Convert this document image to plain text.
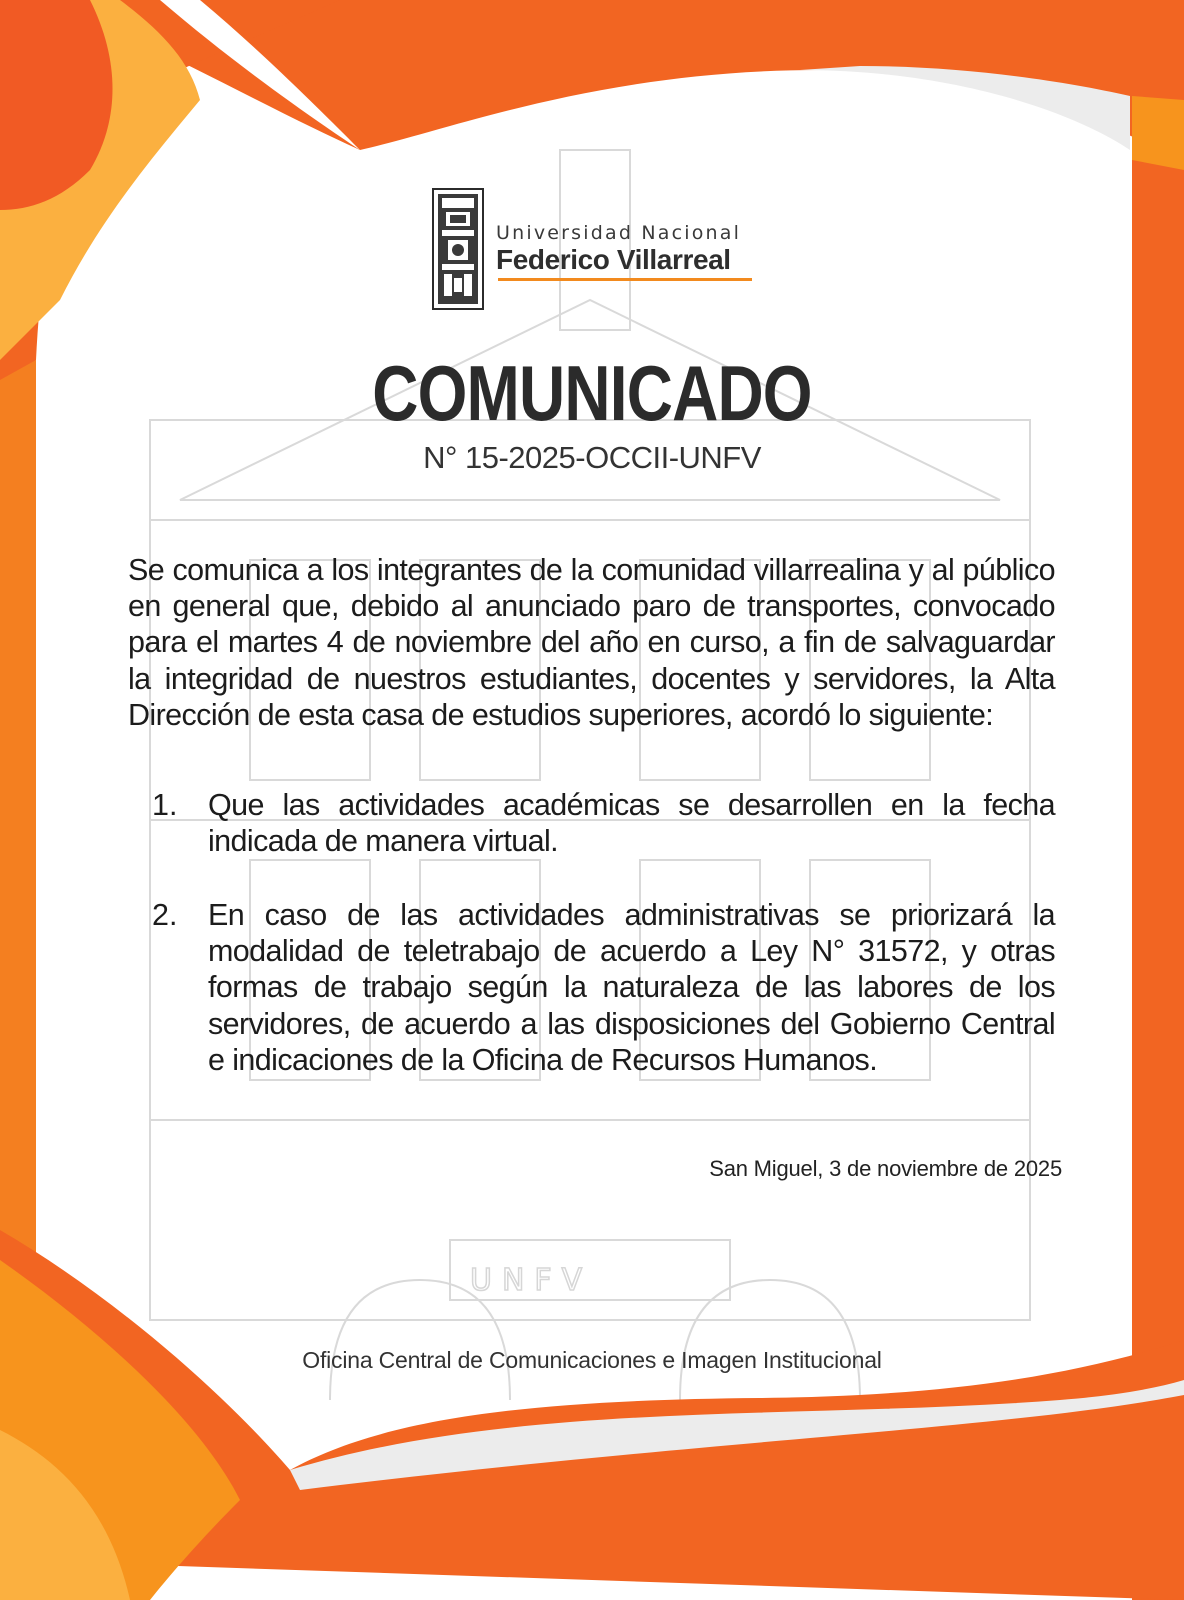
UNFV
Universidad Nacional
Federico Villarreal
COMUNICADO
N° 15-2025-OCCII-UNFV

Se comunica a los integrantes de la comunidad villarrealina y al público en general que, debido al anunciado paro de transportes, convocado para el martes 4 de noviembre del año en curso, a fin de salvaguardar la integridad de nuestros estudiantes, docentes y servidores, la Alta Dirección de esta casa de estudios superiores, acordó lo siguiente:

1. Que las actividades académicas se desarrollen en la fecha indicada de manera virtual.

2. En caso de las actividades administrativas se priorizará la modalidad de teletrabajo de acuerdo a Ley N° 31572, y otras formas de trabajo según la naturaleza de las labores de los servidores, de acuerdo a las disposiciones del Gobierno Central e indicaciones de la Oficina de Recursos Humanos.

San Miguel, 3 de noviembre de 2025
Oficina Central de Comunicaciones e Imagen Institucional
